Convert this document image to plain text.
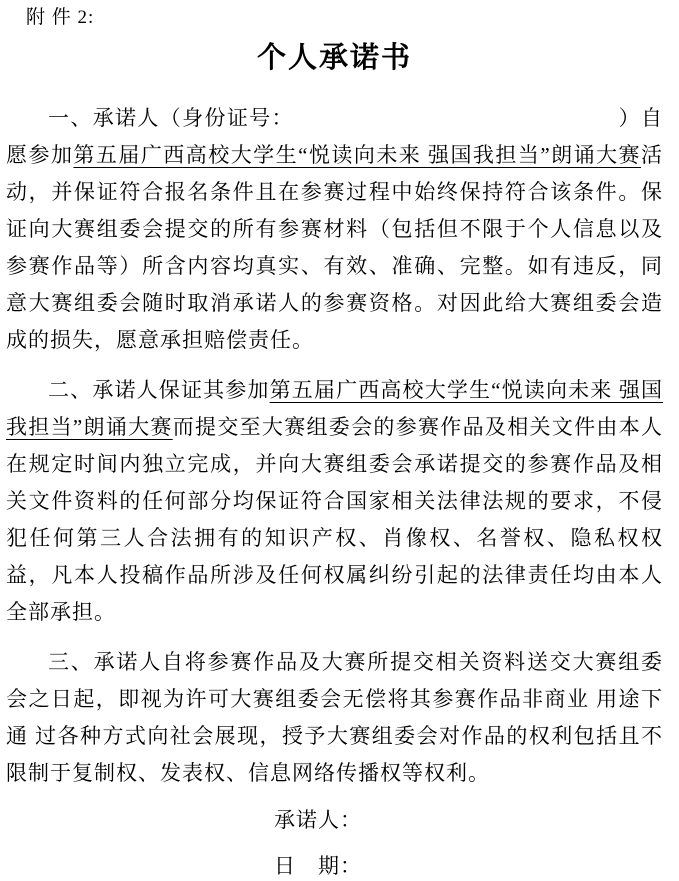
附 件 2:
个人承诺书

一、承诺人（身份证号：　　　　　　　　　　　　　　　	）自愿参加第五届广西高校大学生“悦读向未来 强国我担当”朗诵大赛活动，并保证符合报名条件且在参赛过程中始终保持符合该条件。保证向大赛组委会提交的所有参赛材料（包括但不限于个人信息以及参赛作品等）所含内容均真实、有效、准确、完整。如有违反，同意大赛组委会随时取消承诺人的参赛资格。对因此给大赛组委会造成的损失，愿意承担赔偿责任。

二、承诺人保证其参加第五届广西高校大学生“悦读向未来 强国我担当”朗诵大赛而提交至大赛组委会的参赛作品及相关文件由本人在规定时间内独立完成，并向大赛组委会承诺提交的参赛作品及相关文件资料的任何部分均保证符合国家相关法律法规的要求，不侵犯任何第三人合法拥有的知识产权、肖像权、名誉权、隐私权权益，凡本人投稿作品所涉及任何权属纠纷引起的法律责任均由本人全部承担。

三、承诺人自将参赛作品及大赛所提交相关资料送交大赛组委会之日起，即视为许可大赛组委会无偿将其参赛作品非商业 用途下通 过各种方式向社会展现，授予大赛组委会对作品的权利包括且不限制于复制权、发表权、信息网络传播权等权利。

承诺人：
日　期：
